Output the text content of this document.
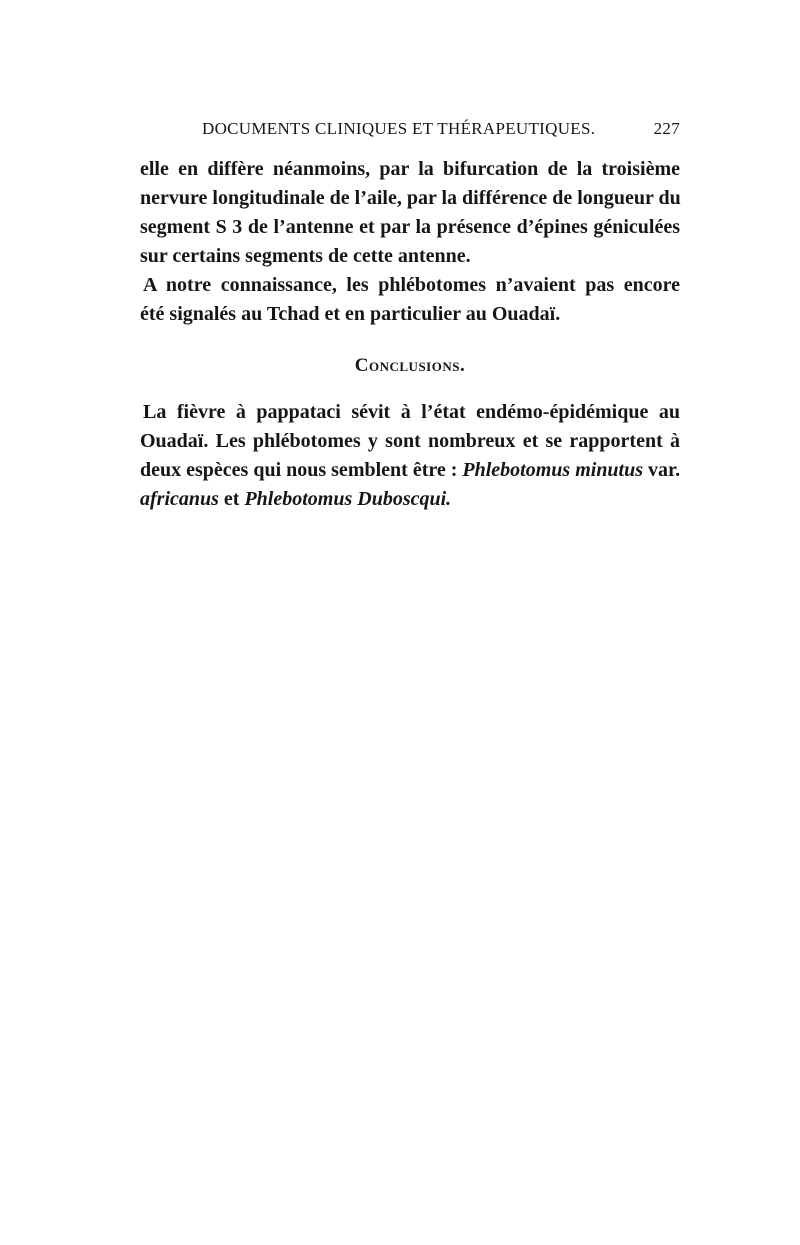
DOCUMENTS CLINIQUES ET THÉRAPEUTIQUES.	227
elle en diffère néanmoins, par la bifurcation de la troisième
nervure longitudinale de l’aile, par la différence de longueur du
segment S 3 de l’antenne et par la présence d’épines géniculées
sur certains segments de cette antenne.
A notre connaissance, les phlébotomes n’avaient pas encore
été signalés au Tchad et en particulier au Ouadaï.
Conclusions.
La fièvre à pappataci sévit à l’état endémo-épidémique au
Ouadaï. Les phlébotomes y sont nombreux et se rapportent à
deux espèces qui nous semblent être : Phlebotomus minutus var.
africanus et Phlebotomus Duboscqui.
